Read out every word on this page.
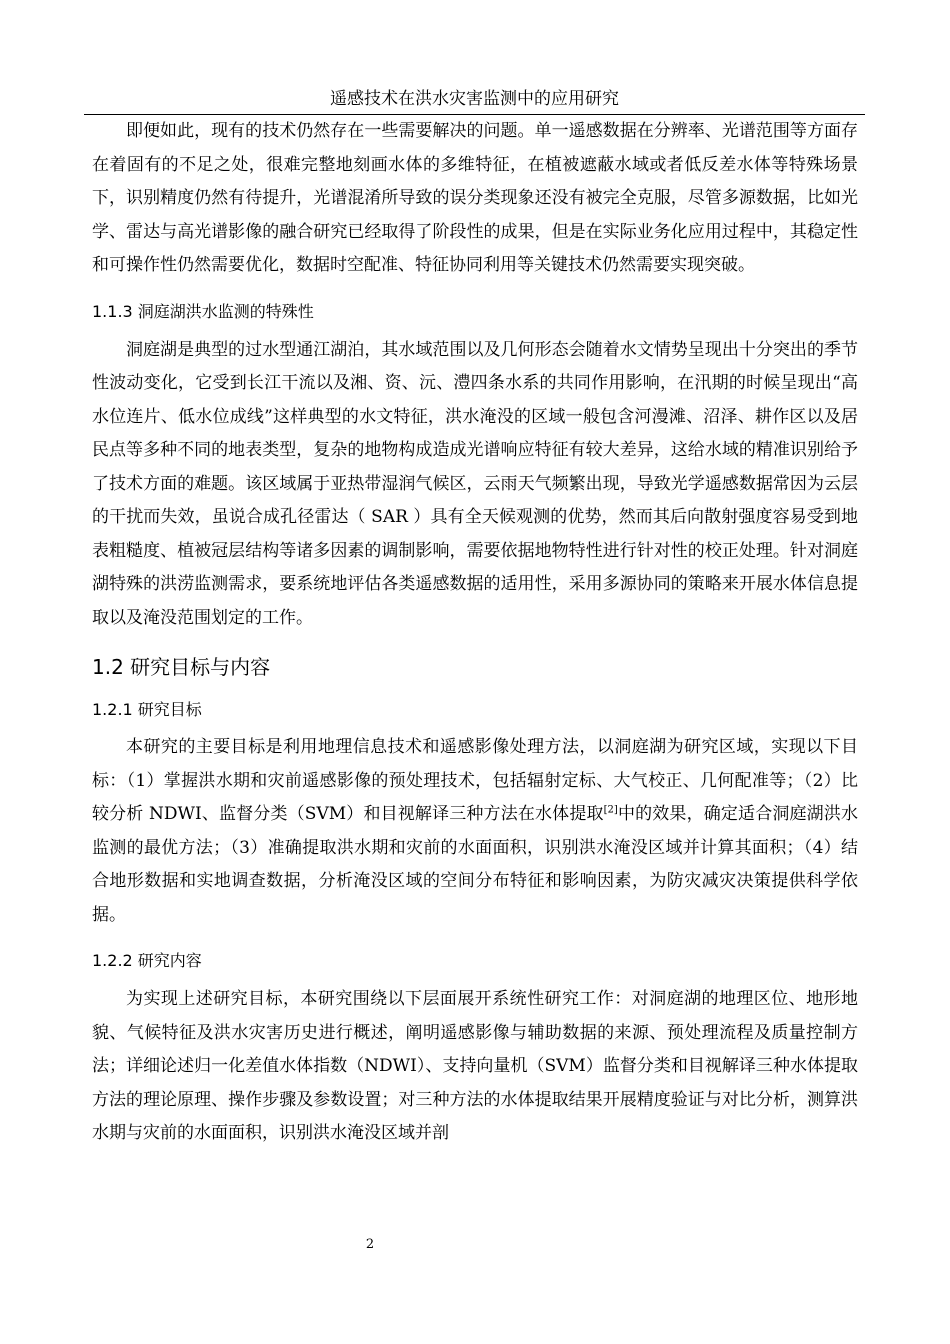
遥感技术在洪水灾害监测中的应用研究

即便如此，现有的技术仍然存在一些需要解决的问题。单一遥感数据在分辨率、光谱范围等方面存在着固有的不足之处，很难完整地刻画水体的多维特征，在植被遮蔽水域或者低反差水体等特殊场景下，识别精度仍然有待提升，光谱混淆所导致的误分类现象还没有被完全克服，尽管多源数据，比如光学、雷达与高光谱影像的融合研究已经取得了阶段性的成果，但是在实际业务化应用过程中，其稳定性和可操作性仍然需要优化，数据时空配准、特征协同利用等关键技术仍然需要实现突破。

1.1.3 洞庭湖洪水监测的特殊性

洞庭湖是典型的过水型通江湖泊，其水域范围以及几何形态会随着水文情势呈现出十分突出的季节性波动变化，它受到长江干流以及湘、资、沅、澧四条水系的共同作用影响，在汛期的时候呈现出“高水位连片、低水位成线”这样典型的水文特征，洪水淹没的区域一般包含河漫滩、沼泽、耕作区以及居民点等多种不同的地表类型，复杂的地物构成造成光谱响应特征有较大差异，这给水域的精准识别给予了技术方面的难题。该区域属于亚热带湿润气候区，云雨天气频繁出现，导致光学遥感数据常因为云层的干扰而失效，虽说合成孔径雷达（ SAR ）具有全天候观测的优势，然而其后向散射强度容易受到地表粗糙度、植被冠层结构等诸多因素的调制影响，需要依据地物特性进行针对性的校正处理。针对洞庭湖特殊的洪涝监测需求，要系统地评估各类遥感数据的适用性，采用多源协同的策略来开展水体信息提取以及淹没范围划定的工作。

1.2 研究目标与内容

1.2.1 研究目标

本研究的主要目标是利用地理信息技术和遥感影像处理方法，以洞庭湖为研究区域，实现以下目标：（1）掌握洪水期和灾前遥感影像的预处理技术，包括辐射定标、大气校正、几何配准等；（2）比较分析 NDWI、监督分类（SVM）和目视解译三种方法在水体提取[2]中的效果，确定适合洞庭湖洪水监测的最优方法；（3）准确提取洪水期和灾前的水面面积，识别洪水淹没区域并计算其面积；（4）结合地形数据和实地调查数据，分析淹没区域的空间分布特征和影响因素，为防灾减灾决策提供科学依据。

1.2.2 研究内容

为实现上述研究目标，本研究围绕以下层面展开系统性研究工作：对洞庭湖的地理区位、地形地貌、气候特征及洪水灾害历史进行概述，阐明遥感影像与辅助数据的来源、预处理流程及质量控制方法；详细论述归一化差值水体指数（NDWI）、支持向量机（SVM）监督分类和目视解译三种水体提取方法的理论原理、操作步骤及参数设置；对三种方法的水体提取结果开展精度验证与对比分析，测算洪水期与灾前的水面面积，识别洪水淹没区域并剖

2
